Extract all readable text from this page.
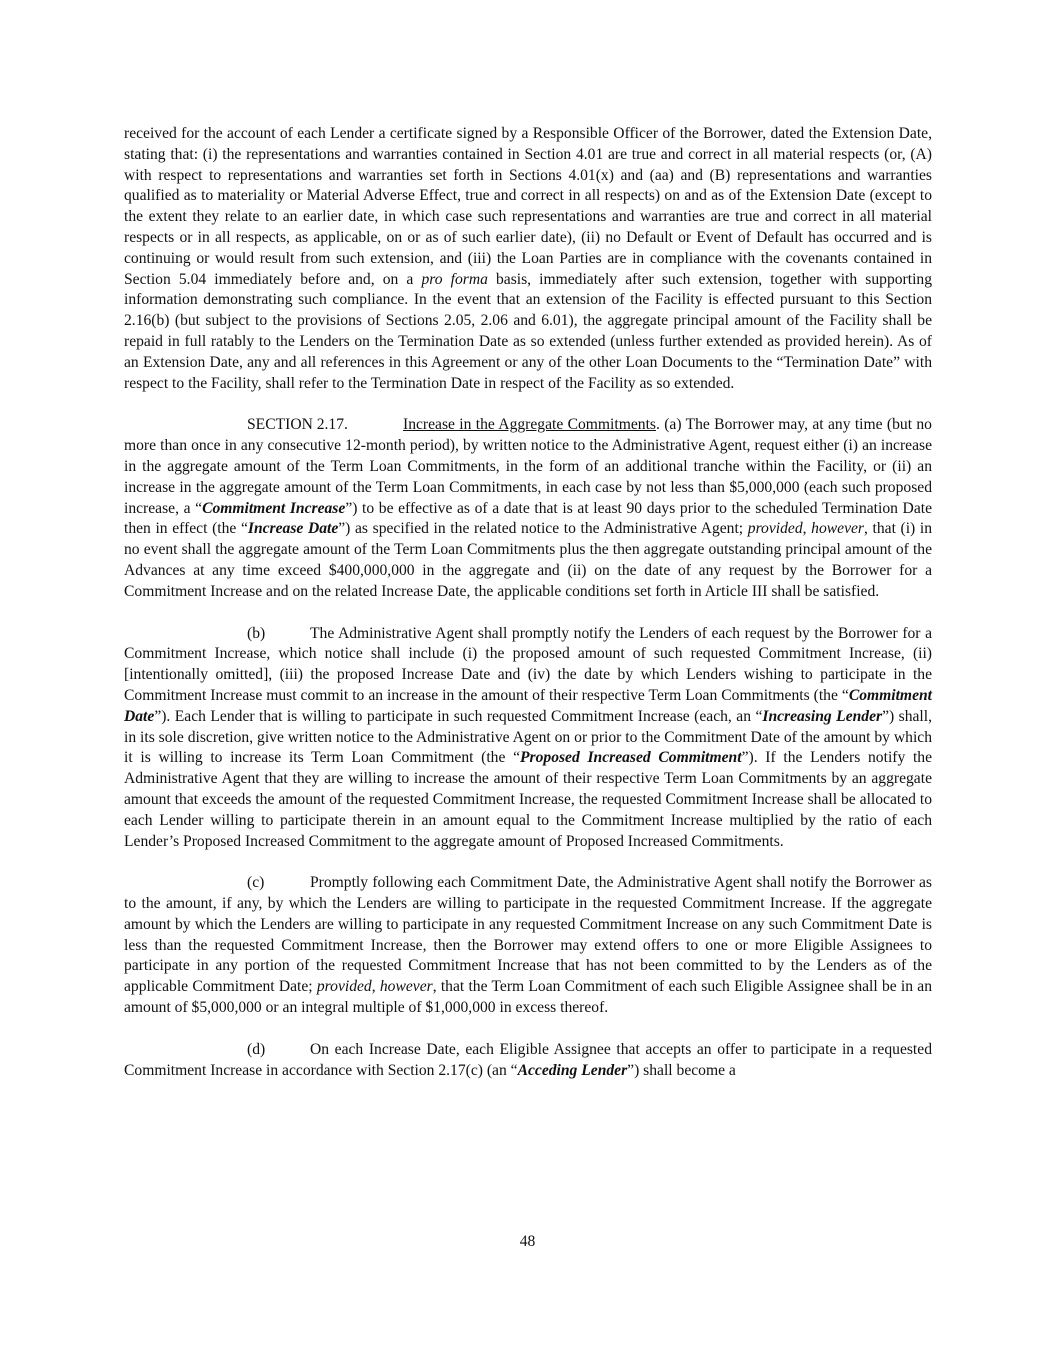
received for the account of each Lender a certificate signed by a Responsible Officer of the Borrower, dated the Extension Date, stating that: (i) the representations and warranties contained in Section 4.01 are true and correct in all material respects (or, (A) with respect to representations and warranties set forth in Sections 4.01(x) and (aa) and (B) representations and warranties qualified as to materiality or Material Adverse Effect, true and correct in all respects) on and as of the Extension Date (except to the extent they relate to an earlier date, in which case such representations and warranties are true and correct in all material respects or in all respects, as applicable, on or as of such earlier date), (ii) no Default or Event of Default has occurred and is continuing or would result from such extension, and (iii) the Loan Parties are in compliance with the covenants contained in Section 5.04 immediately before and, on a pro forma basis, immediately after such extension, together with supporting information demonstrating such compliance. In the event that an extension of the Facility is effected pursuant to this Section 2.16(b) (but subject to the provisions of Sections 2.05, 2.06 and 6.01), the aggregate principal amount of the Facility shall be repaid in full ratably to the Lenders on the Termination Date as so extended (unless further extended as provided herein). As of an Extension Date, any and all references in this Agreement or any of the other Loan Documents to the “Termination Date” with respect to the Facility, shall refer to the Termination Date in respect of the Facility as so extended.

SECTION 2.17.	Increase in the Aggregate Commitments. (a) The Borrower may, at any time (but no more than once in any consecutive 12-month period), by written notice to the Administrative Agent, request either (i) an increase in the aggregate amount of the Term Loan Commitments, in the form of an additional tranche within the Facility, or (ii) an increase in the aggregate amount of the Term Loan Commitments, in each case by not less than $5,000,000 (each such proposed increase, a “Commitment Increase”) to be effective as of a date that is at least 90 days prior to the scheduled Termination Date then in effect (the “Increase Date”) as specified in the related notice to the Administrative Agent; provided, however, that (i) in no event shall the aggregate amount of the Term Loan Commitments plus the then aggregate outstanding principal amount of the Advances at any time exceed $400,000,000 in the aggregate and (ii) on the date of any request by the Borrower for a Commitment Increase and on the related Increase Date, the applicable conditions set forth in Article III shall be satisfied.

(b)	The Administrative Agent shall promptly notify the Lenders of each request by the Borrower for a Commitment Increase, which notice shall include (i) the proposed amount of such requested Commitment Increase, (ii) [intentionally omitted], (iii) the proposed Increase Date and (iv) the date by which Lenders wishing to participate in the Commitment Increase must commit to an increase in the amount of their respective Term Loan Commitments (the “Commitment Date”). Each Lender that is willing to participate in such requested Commitment Increase (each, an “Increasing Lender”) shall, in its sole discretion, give written notice to the Administrative Agent on or prior to the Commitment Date of the amount by which it is willing to increase its Term Loan Commitment (the “Proposed Increased Commitment”). If the Lenders notify the Administrative Agent that they are willing to increase the amount of their respective Term Loan Commitments by an aggregate amount that exceeds the amount of the requested Commitment Increase, the requested Commitment Increase shall be allocated to each Lender willing to participate therein in an amount equal to the Commitment Increase multiplied by the ratio of each Lender’s Proposed Increased Commitment to the aggregate amount of Proposed Increased Commitments.

(c)	Promptly following each Commitment Date, the Administrative Agent shall notify the Borrower as to the amount, if any, by which the Lenders are willing to participate in the requested Commitment Increase. If the aggregate amount by which the Lenders are willing to participate in any requested Commitment Increase on any such Commitment Date is less than the requested Commitment Increase, then the Borrower may extend offers to one or more Eligible Assignees to participate in any portion of the requested Commitment Increase that has not been committed to by the Lenders as of the applicable Commitment Date; provided, however, that the Term Loan Commitment of each such Eligible Assignee shall be in an amount of $5,000,000 or an integral multiple of $1,000,000 in excess thereof.

(d)	On each Increase Date, each Eligible Assignee that accepts an offer to participate in a requested Commitment Increase in accordance with Section 2.17(c) (an “Acceding Lender”) shall become a

48
